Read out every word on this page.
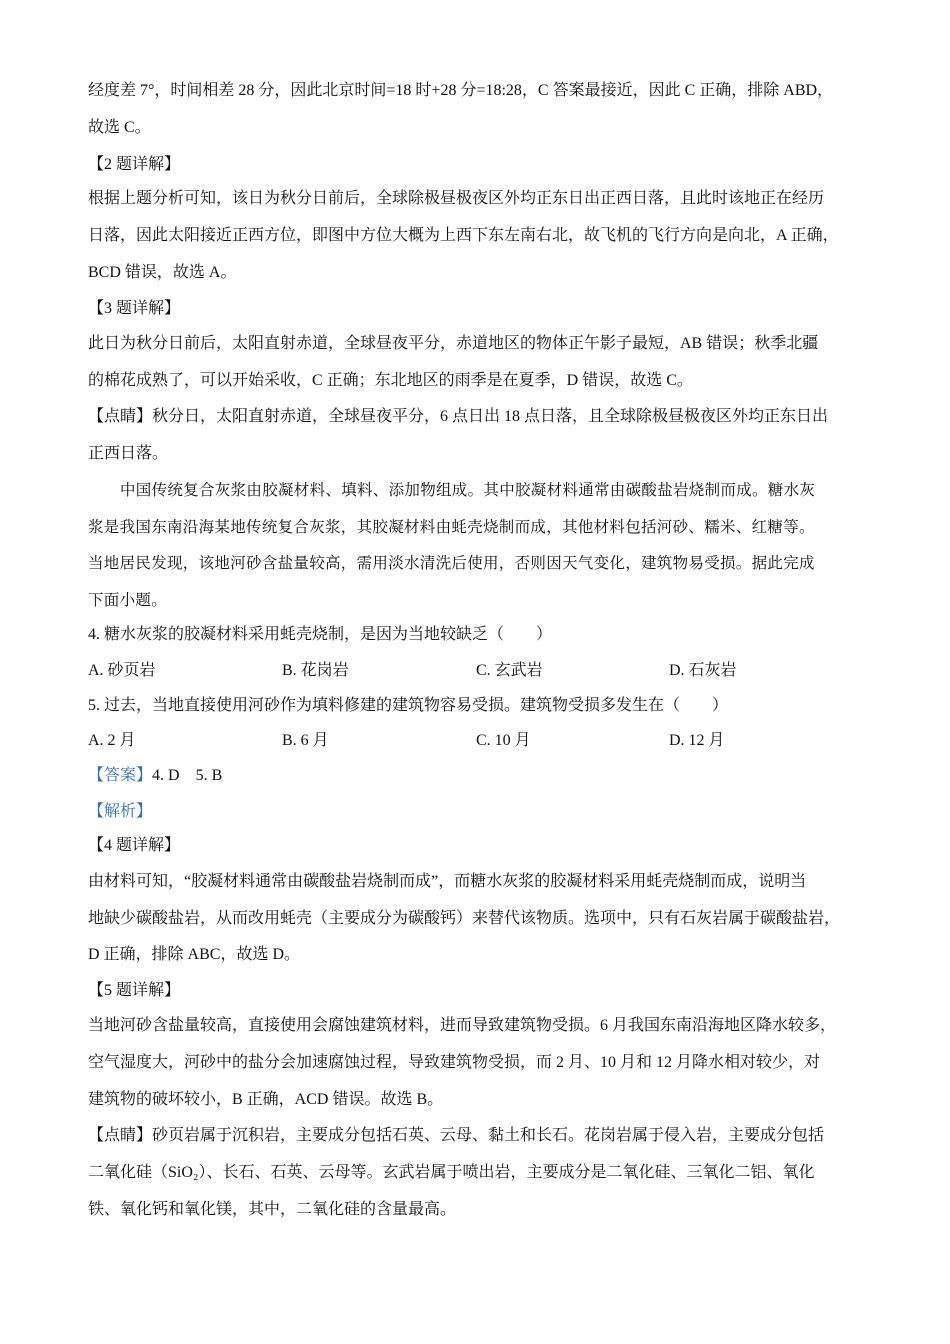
经度差 7°，时间相差 28 分，因此北京时间=18 时+28 分=18:28，C 答案最接近，因此 C 正确，排除 ABD，
故选 C。
【2 题详解】
根据上题分析可知，该日为秋分日前后，全球除极昼极夜区外均正东日出正西日落，且此时该地正在经历
日落，因此太阳接近正西方位，即图中方位大概为上西下东左南右北，故飞机的飞行方向是向北，A 正确，
BCD 错误，故选 A。
【3 题详解】
此日为秋分日前后，太阳直射赤道，全球昼夜平分，赤道地区的物体正午影子最短，AB 错误；秋季北疆
的棉花成熟了，可以开始采收，C 正确；东北地区的雨季是在夏季，D 错误，故选 C。
【点睛】秋分日，太阳直射赤道，全球昼夜平分，6 点日出 18 点日落，且全球除极昼极夜区外均正东日出
正西日落。
中国传统复合灰浆由胶凝材料、填料、添加物组成。其中胶凝材料通常由碳酸盐岩烧制而成。糖水灰
浆是我国东南沿海某地传统复合灰浆，其胶凝材料由蚝壳烧制而成，其他材料包括河砂、糯米、红糖等。
当地居民发现，该地河砂含盐量较高，需用淡水清洗后使用，否则因天气变化，建筑物易受损。据此完成
下面小题。
4. 糖水灰浆的胶凝材料采用蚝壳烧制，是因为当地较缺乏（　　）
A. 砂页岩	B. 花岗岩	C. 玄武岩	D. 石灰岩
5. 过去，当地直接使用河砂作为填料修建的建筑物容易受损。建筑物受损多发生在（　　）
A. 2 月	B. 6 月	C. 10 月	D. 12 月
【答案】4. D　5. B
【解析】
【4 题详解】
由材料可知，“胶凝材料通常由碳酸盐岩烧制而成”，而糖水灰浆的胶凝材料采用蚝壳烧制而成，说明当
地缺少碳酸盐岩，从而改用蚝壳（主要成分为碳酸钙）来替代该物质。选项中，只有石灰岩属于碳酸盐岩，
D 正确，排除 ABC，故选 D。
【5 题详解】
当地河砂含盐量较高，直接使用会腐蚀建筑材料，进而导致建筑物受损。6 月我国东南沿海地区降水较多，
空气湿度大，河砂中的盐分会加速腐蚀过程，导致建筑物受损，而 2 月、10 月和 12 月降水相对较少，对
建筑物的破坏较小，B 正确，ACD 错误。故选 B。
【点睛】砂页岩属于沉积岩，主要成分包括石英、云母、黏土和长石。花岗岩属于侵入岩，主要成分包括
二氧化硅（SiO₂）、长石、石英、云母等。玄武岩属于喷出岩，主要成分是二氧化硅、三氧化二铝、氧化
铁、氧化钙和氧化镁，其中，二氧化硅的含量最高。
